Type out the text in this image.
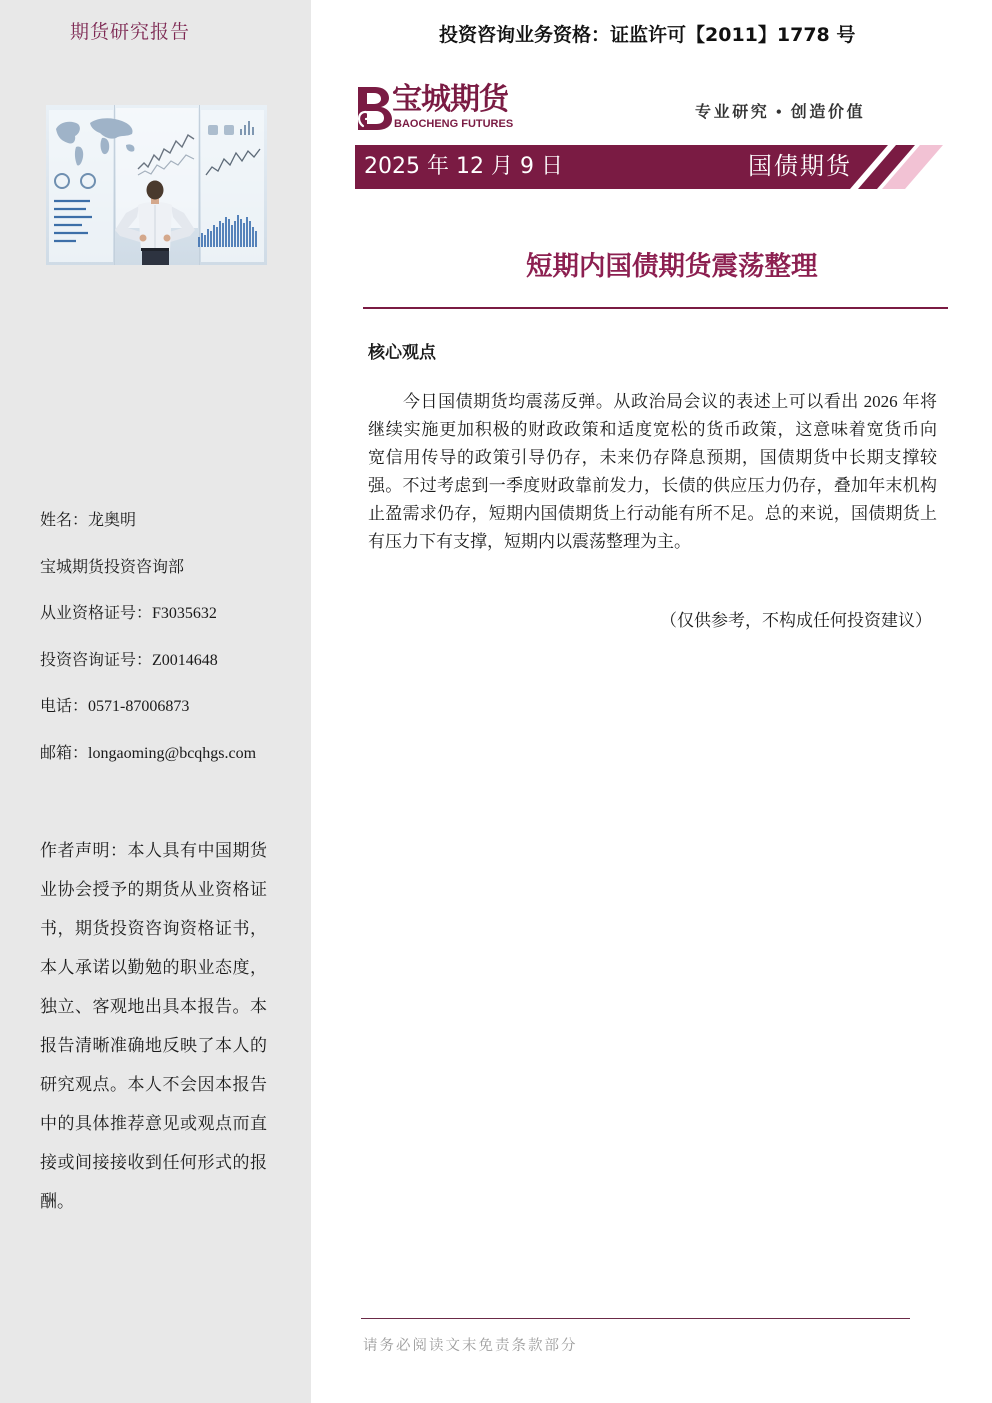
期货研究报告
姓名：龙奥明
宝城期货投资咨询部
从业资格证号：F3035632
投资咨询证号：Z0014648
电话：0571-87006873
邮箱：longaoming@bcqhgs.com
作者声明：本人具有中国期货
业协会授予的期货从业资格证
书，期货投资咨询资格证书，
本人承诺以勤勉的职业态度，
独立、客观地出具本报告。本
报告清晰准确地反映了本人的
研究观点。本人不会因本报告
中的具体推荐意见或观点而直
接或间接接收到任何形式的报
酬。
投资咨询业务资格：证监许可【2011】1778 号
宝城期货
BAOCHENG FUTURES
专业研究 • 创造价值
2025 年 12 月 9 日	国债期货
短期内国债期货震荡整理
核心观点
今日国债期货均震荡反弹。从政治局会议的表述上可以看出 2026 年将
继续实施更加积极的财政政策和适度宽松的货币政策，这意味着宽货币向
宽信用传导的政策引导仍存，未来仍存降息预期，国债期货中长期支撑较
强。不过考虑到一季度财政靠前发力，长债的供应压力仍存，叠加年末机构
止盈需求仍存，短期内国债期货上行动能有所不足。总的来说，国债期货上
有压力下有支撑，短期内以震荡整理为主。
（仅供参考，不构成任何投资建议）
请务必阅读文末免责条款部分
